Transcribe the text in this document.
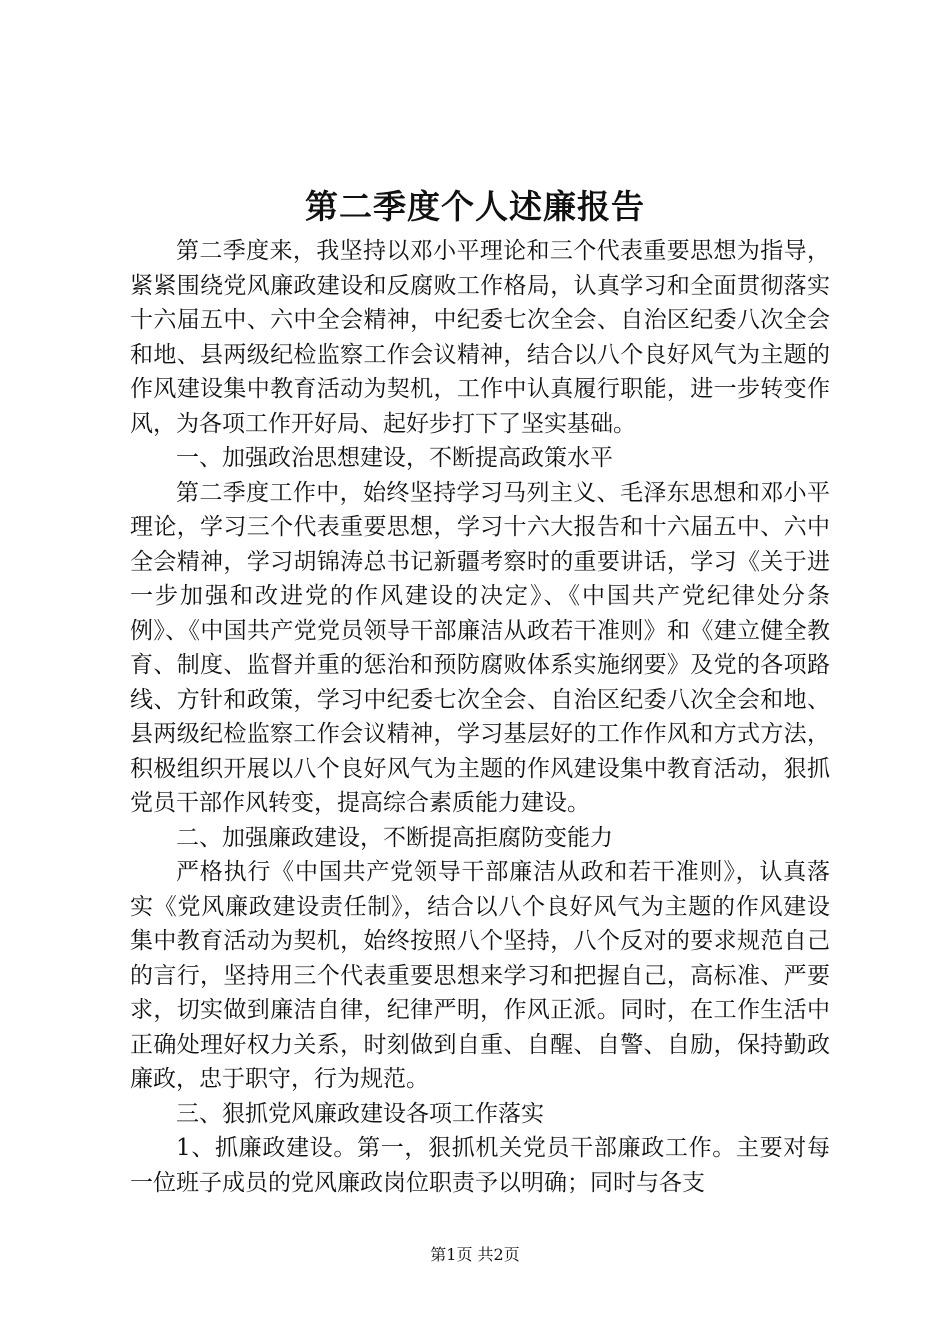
第二季度个人述廉报告

第二季度来，我坚持以邓小平理论和三个代表重要思想为指导，紧紧围绕党风廉政建设和反腐败工作格局，认真学习和全面贯彻落实十六届五中、六中全会精神，中纪委七次全会、自治区纪委八次全会和地、县两级纪检监察工作会议精神，结合以八个良好风气为主题的作风建设集中教育活动为契机，工作中认真履行职能，进一步转变作风，为各项工作开好局、起好步打下了坚实基础。

一、加强政治思想建设，不断提高政策水平

第二季度工作中，始终坚持学习马列主义、毛泽东思想和邓小平理论，学习三个代表重要思想，学习十六大报告和十六届五中、六中全会精神，学习胡锦涛总书记新疆考察时的重要讲话，学习《关于进一步加强和改进党的作风建设的决定》、《中国共产党纪律处分条例》、《中国共产党党员领导干部廉洁从政若干准则》和《建立健全教育、制度、监督并重的惩治和预防腐败体系实施纲要》及党的各项路线、方针和政策，学习中纪委七次全会、自治区纪委八次全会和地、县两级纪检监察工作会议精神，学习基层好的工作作风和方式方法，积极组织开展以八个良好风气为主题的作风建设集中教育活动，狠抓党员干部作风转变，提高综合素质能力建设。

二、加强廉政建设，不断提高拒腐防变能力

严格执行《中国共产党领导干部廉洁从政和若干准则》，认真落实《党风廉政建设责任制》，结合以八个良好风气为主题的作风建设集中教育活动为契机，始终按照八个坚持，八个反对的要求规范自己的言行，坚持用三个代表重要思想来学习和把握自己，高标准、严要求，切实做到廉洁自律，纪律严明，作风正派。同时，在工作生活中正确处理好权力关系，时刻做到自重、自醒、自警、自励，保持勤政廉政，忠于职守，行为规范。

三、狠抓党风廉政建设各项工作落实

1、抓廉政建设。第一，狠抓机关党员干部廉政工作。主要对每一位班子成员的党风廉政岗位职责予以明确；同时与各支

第1页 共2页
